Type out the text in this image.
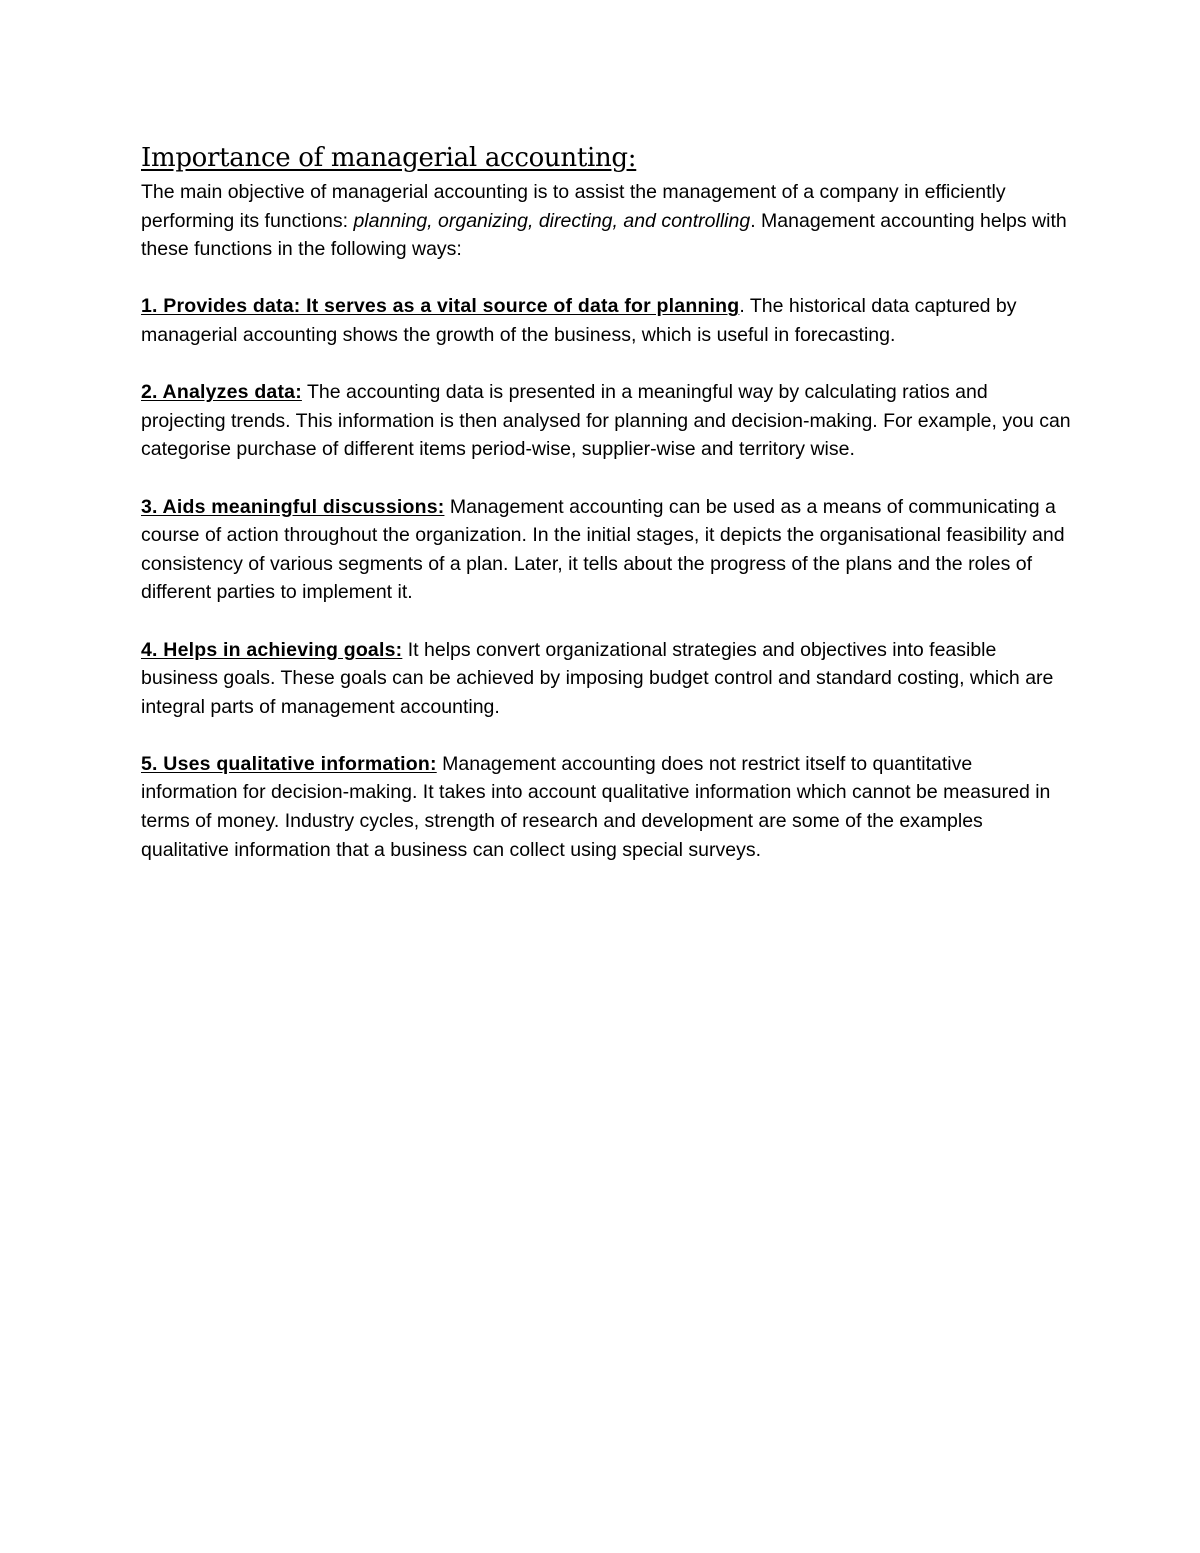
Importance of managerial accounting:

The main objective of managerial accounting is to assist the management of a company in efficiently performing its functions: planning, organizing, directing, and controlling. Management accounting helps with these functions in the following ways:

1. Provides data: It serves as a vital source of data for planning. The historical data captured by managerial accounting shows the growth of the business, which is useful in forecasting.

2. Analyzes data: The accounting data is presented in a meaningful way by calculating ratios and projecting trends. This information is then analysed for planning and decision-making. For example, you can categorise purchase of different items period-wise, supplier-wise and territory wise.

3. Aids meaningful discussions: Management accounting can be used as a means of communicating a course of action throughout the organization. In the initial stages, it depicts the organisational feasibility and consistency of various segments of a plan. Later, it tells about the progress of the plans and the roles of different parties to implement it.

4. Helps in achieving goals: It helps convert organizational strategies and objectives into feasible business goals. These goals can be achieved by imposing budget control and standard costing, which are integral parts of management accounting.

5. Uses qualitative information: Management accounting does not restrict itself to quantitative information for decision-making. It takes into account qualitative information which cannot be measured in terms of money. Industry cycles, strength of research and development are some of the examples qualitative information that a business can collect using special surveys.
